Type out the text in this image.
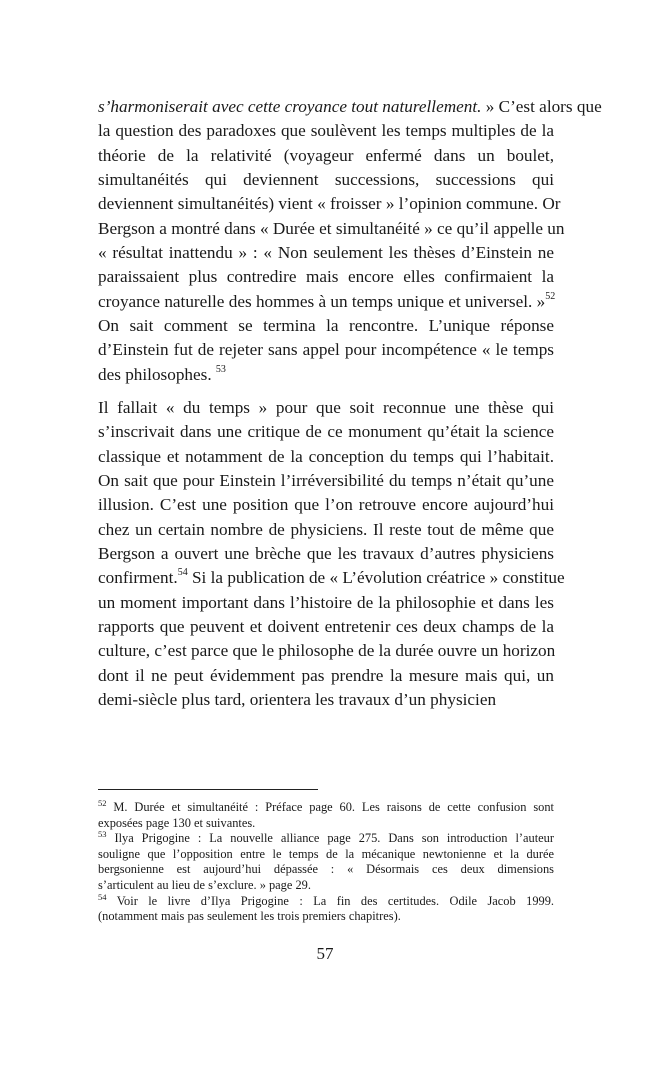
s’harmoniserait avec cette croyance tout naturellement. » C’est alors que
la question des paradoxes que soulèvent les temps multiples de la
théorie de la relativité (voyageur enfermé dans un boulet,
simultanéités qui deviennent successions, successions qui
deviennent simultanéités) vient « froisser » l’opinion commune. Or
Bergson a montré dans « Durée et simultanéité » ce qu’il appelle un
« résultat inattendu » : « Non seulement les thèses d’Einstein ne
paraissaient plus contredire mais encore elles confirmaient la
croyance naturelle des hommes à un temps unique et universel. »$^{52}$
On sait comment se termina la rencontre. L’unique réponse
d’Einstein fut de rejeter sans appel pour incompétence « le temps
des philosophes. $^{53}$
Il fallait « du temps » pour que soit reconnue une thèse qui
s’inscrivait dans une critique de ce monument qu’était la science
classique et notamment de la conception du temps qui l’habitait.
On sait que pour Einstein l’irréversibilité du temps n’était qu’une
illusion. C’est une position que l’on retrouve encore aujourd’hui
chez un certain nombre de physiciens. Il reste tout de même que
Bergson a ouvert une brèche que les travaux d’autres physiciens
confirment.$^{54}$ Si la publication de « L’évolution créatrice » constitue
un moment important dans l’histoire de la philosophie et dans les
rapports que peuvent et doivent entretenir ces deux champs de la
culture, c’est parce que le philosophe de la durée ouvre un horizon
dont il ne peut évidemment pas prendre la mesure mais qui, un
demi-siècle plus tard, orientera les travaux d’un physicien
$^{52}$ M. Durée et simultanéité : Préface page 60. Les raisons de cette confusion sont
exposées page 130 et suivantes.
$^{53}$ Ilya Prigogine : La nouvelle alliance page 275. Dans son introduction l’auteur
souligne que l’opposition entre le temps de la mécanique newtonienne et la durée
bergsonienne est aujourd’hui dépassée : « Désormais ces deux dimensions
s’articulent au lieu de s’exclure. » page 29.
$^{54}$ Voir le livre d’Ilya Prigogine : La fin des certitudes. Odile Jacob 1999.
(notamment mais pas seulement les trois premiers chapitres).
57
